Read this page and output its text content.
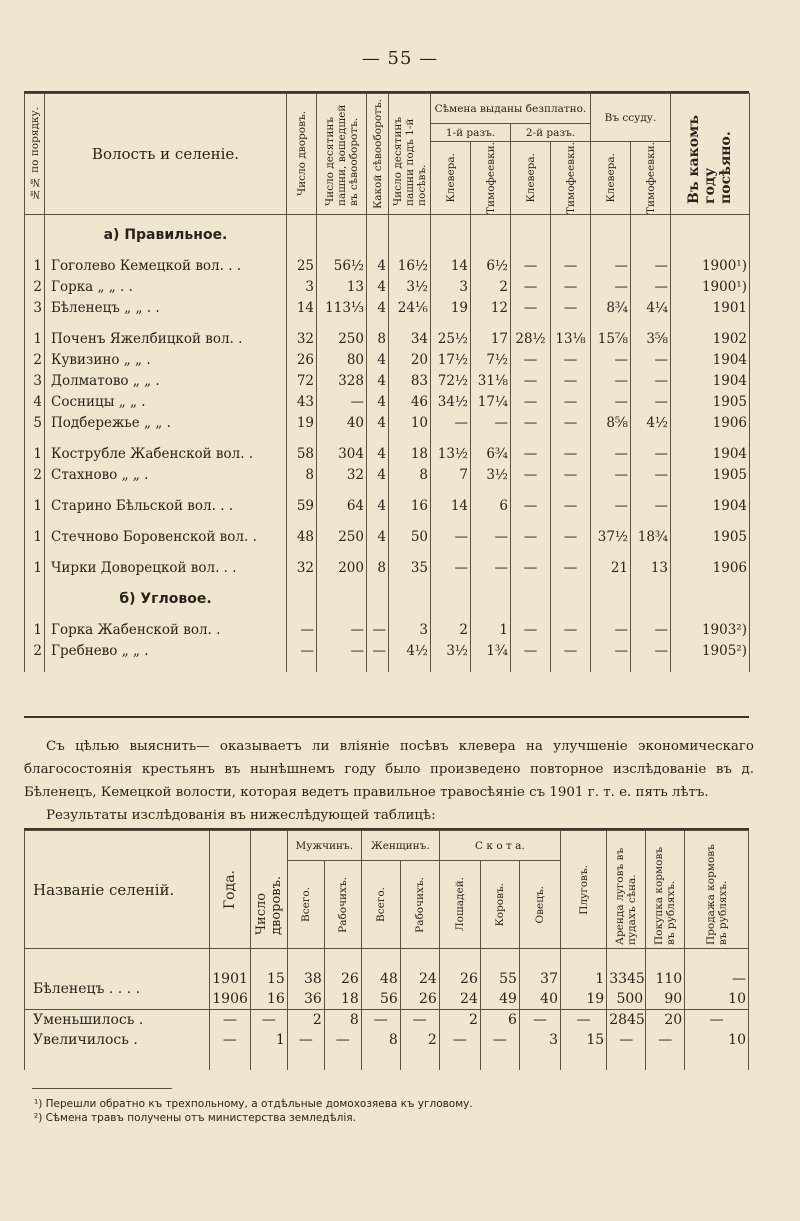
— 55 —
№№ по порядку.	Волость и селеніе.	Число дворовъ.	Число десятинъ пашни, вошедшей въ сѣвооборотъ.	Какой сѣвооборотъ.	Число десятинъ пашни подъ 1-й посѣвъ.	Сѣмена выданы безплатно.				Въ ссуду.		Въ какомъ году посѣяно.

						1-й разъ.		2-й разъ.				

						Клевера.	Тимофеевки.	Клевера.	Тимофеевки.	Клевера.	Тимофеевки.	

	а) Правильное.											

1	Гоголево Кемецкой вол. . .	25	56½	4	16½	14	6½	—	—	—	—	1900¹)
2	Горка „ „ . .	3	13	4	3½	3	2	—	—	—	—	1900¹)
3	Бѣленецъ „ „ . .	14	113⅓	4	24⅙	19	12	—	—	8¾	4¼	1901

1	Поченъ Яжелбицкой вол. .	32	250	8	34	25½	17	28½	13⅛	15⅞	3⅝	1902
2	Кувизино „ „ .	26	80	4	20	17½	7½	—	—	—	—	1904
3	Долматово „ „ .	72	328	4	83	72½	31⅛	—	—	—	—	1904
4	Сосницы „ „ .	43	—	4	46	34½	17¼	—	—	—	—	1905
5	Подбережье „ „ .	19	40	4	10	—	—	—	—	8⅝	4½	1906

1	Кострубле Жабенской вол. .	58	304	4	18	13½	6¾	—	—	—	—	1904
2	Стахново „ „ .	8	32	4	8	7	3½	—	—	—	—	1905

1	Старино Бѣльской вол. . .	59	64	4	16	14	6	—	—	—	—	1904

1	Стечново Боровенской вол. .	48	250	4	50	—	—	—	—	37½	18¾	1905

1	Чирки Доворецкой вол. . .	32	200	8	35	—	—	—	—	21	13	1906

	б) Угловое.											

1	Горка Жабенской вол. .	—	—	—	3	2	1	—	—	—	—	1903²)
2	Гребнево „ „ .	—	—	—	4½	3½	1¾	—	—	—	—	1905²)

Съ цѣлью выяснить— оказываетъ ли вліяніе посѣвъ клевера на улучшеніе экономическаго благосостоянія крестьянъ въ нынѣшнемъ году было произведено повторное изслѣдованіе въ д. Бѣленецъ, Кемецкой волости, которая ведетъ правильное травосѣяніе съ 1901 г. т. е. пять лѣтъ.

Результаты изслѣдованія въ нижеслѣдующей таблицѣ:

Названіе селеній.	Года.	Число дворовъ.	Мужчинъ.		Женщинъ.		С к о т а.			Плуговъ.	Аренда луговъ въ пудахъ сѣна.	Покупка кормовъ въ рубляхъ.	Продажа кормовъ въ рубляхъ.

			Всего.	Рабочихъ.	Всего.	Рабочихъ.	Лошадей.	Коровъ.	Овецъ.				

Бѣленецъ . . . .	1901	15	38	26	48	24	26	55	37	1	3345	110	—
	1906	16	36	18	56	26	24	49	40	19	500	90	10
Уменьшилось .	—	—	2	8	—	—	2	6	—	—	2845	20	—
Увеличилось .	—	1	—	—	8	2	—	—	3	15	—	—	10

¹) Перешли обратно къ трехпольному, а отдѣльные домохозяева къ угловому.
²) Сѣмена травъ получены отъ министерства земледѣлія.
